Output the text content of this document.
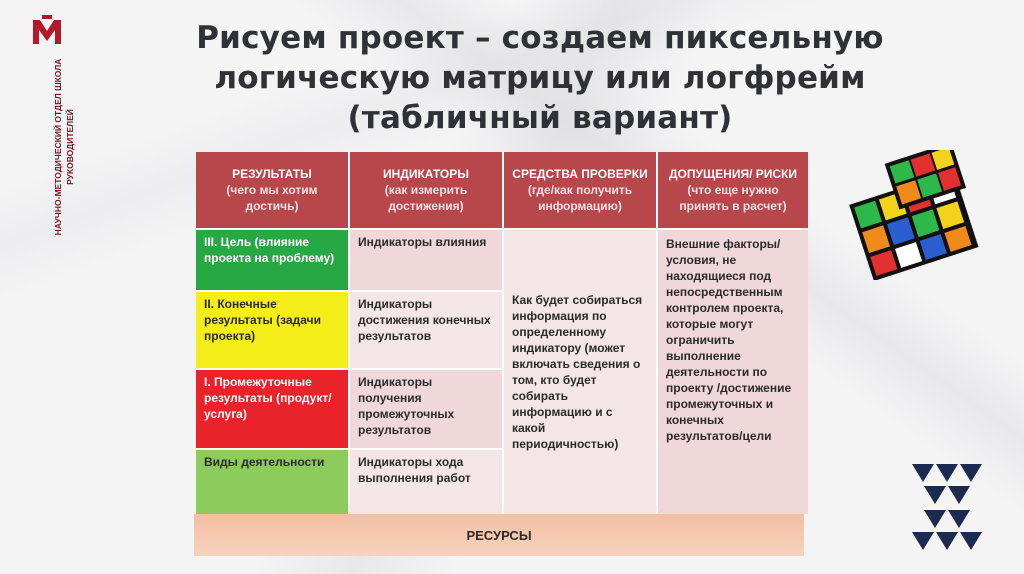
НАУЧНО-МЕТОДИЧЕСКИЙ ОТДЕЛ ШКОЛА РУКОВОДИТЕЛЕЙ
Рисуем проект – создаем пиксельную логическую матрицу или логфрейм (табличный вариант)
РЕЗУЛЬТАТЫ
(чего мы хотим достичь)
ИНДИКАТОРЫ
(как измерить достижения)
СРЕДСТВА ПРОВЕРКИ
(где/как получить информацию)
ДОПУЩЕНИЯ/ РИСКИ
(что еще нужно принять в расчет)
III. Цель (влияние проекта на проблему)
Индикаторы влияния
Как будет собираться информация по определенному индикатору (может включать сведения о том, кто будет собирать информацию и с какой периодичностью)
Внешние факторы/условия, не находящиеся под непосредственным контролем проекта, которые могут ограничить выполнение деятельности по проекту /достижение промежуточных и конечных результатов/цели
II. Конечные результаты (задачи проекта)
Индикаторы достижения конечных результатов
I. Промежуточные результаты (продукт/услуга)
Индикаторы получения промежуточных результатов
Виды деятельности	Индикаторы хода выполнения работ
РЕСУРСЫ
